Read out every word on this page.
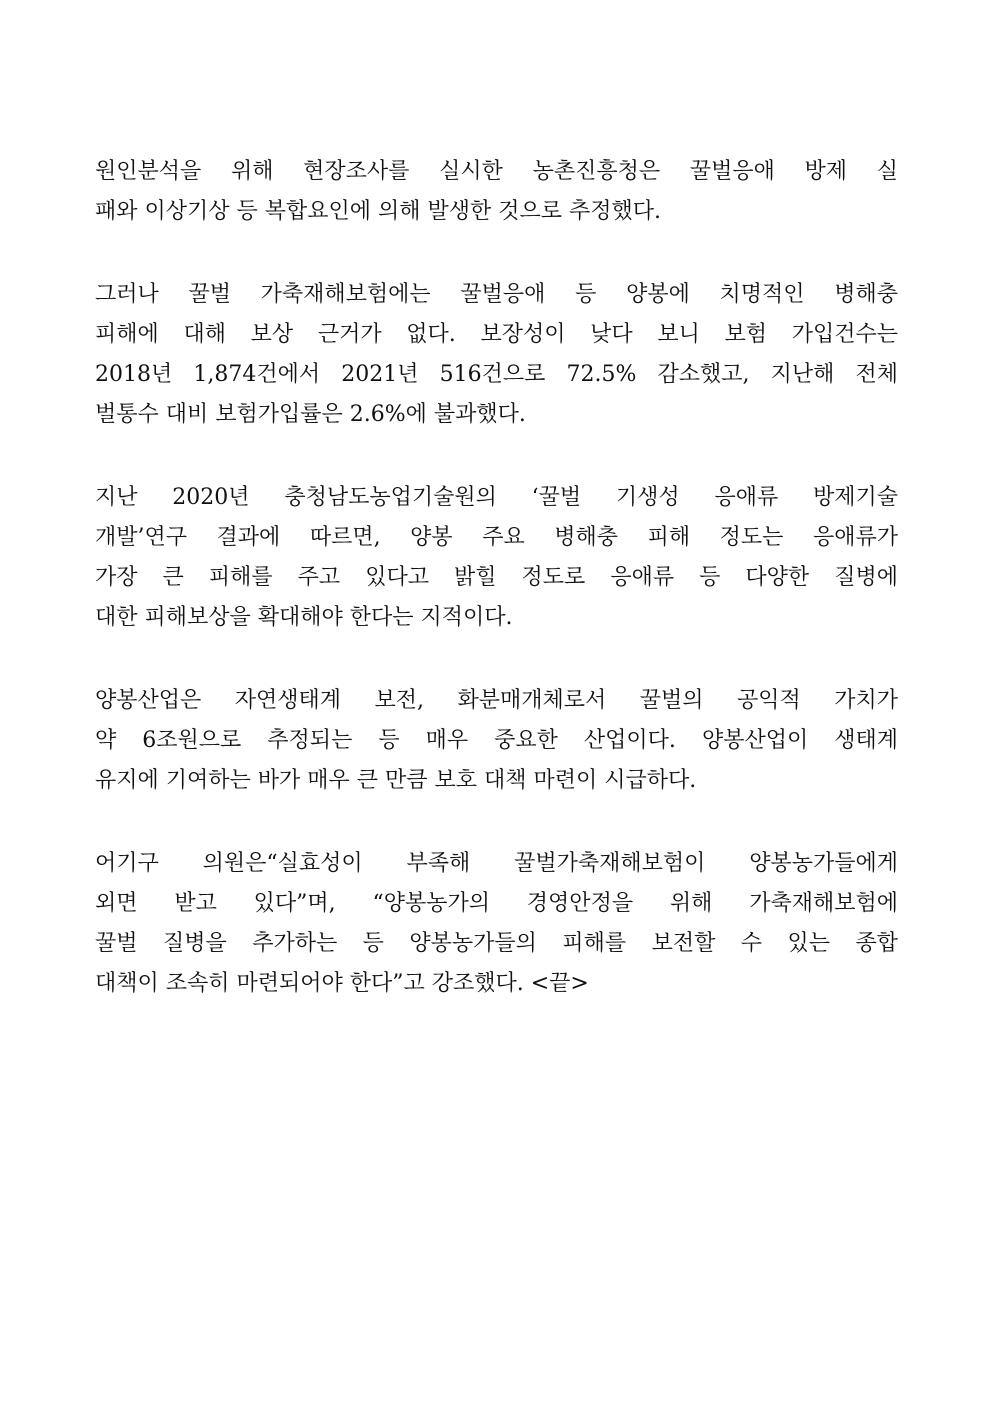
원인분석을 위해 현장조사를 실시한 농촌진흥청은 꿀벌응애 방제 실
패와 이상기상 등 복합요인에 의해 발생한 것으로 추정했다.
그러나 꿀벌 가축재해보험에는 꿀벌응애 등 양봉에 치명적인 병해충
피해에 대해 보상 근거가 없다. 보장성이 낮다 보니 보험 가입건수는
2018년 1,874건에서 2021년 516건으로 72.5% 감소했고, 지난해 전체
벌통수 대비 보험가입률은 2.6%에 불과했다.
지난 2020년 충청남도농업기술원의 ‘꿀벌 기생성 응애류 방제기술
개발’연구 결과에 따르면, 양봉 주요 병해충 피해 정도는 응애류가
가장 큰 피해를 주고 있다고 밝힐 정도로 응애류 등 다양한 질병에
대한 피해보상을 확대해야 한다는 지적이다.
양봉산업은 자연생태계 보전, 화분매개체로서 꿀벌의 공익적 가치가
약 6조원으로 추정되는 등 매우 중요한 산업이다. 양봉산업이 생태계
유지에 기여하는 바가 매우 큰 만큼 보호 대책 마련이 시급하다.
어기구 의원은“실효성이 부족해 꿀벌가축재해보험이 양봉농가들에게
외면 받고 있다”며, “양봉농가의 경영안정을 위해 가축재해보험에
꿀벌 질병을 추가하는 등 양봉농가들의 피해를 보전할 수 있는 종합
대책이 조속히 마련되어야 한다”고 강조했다. <끝>
